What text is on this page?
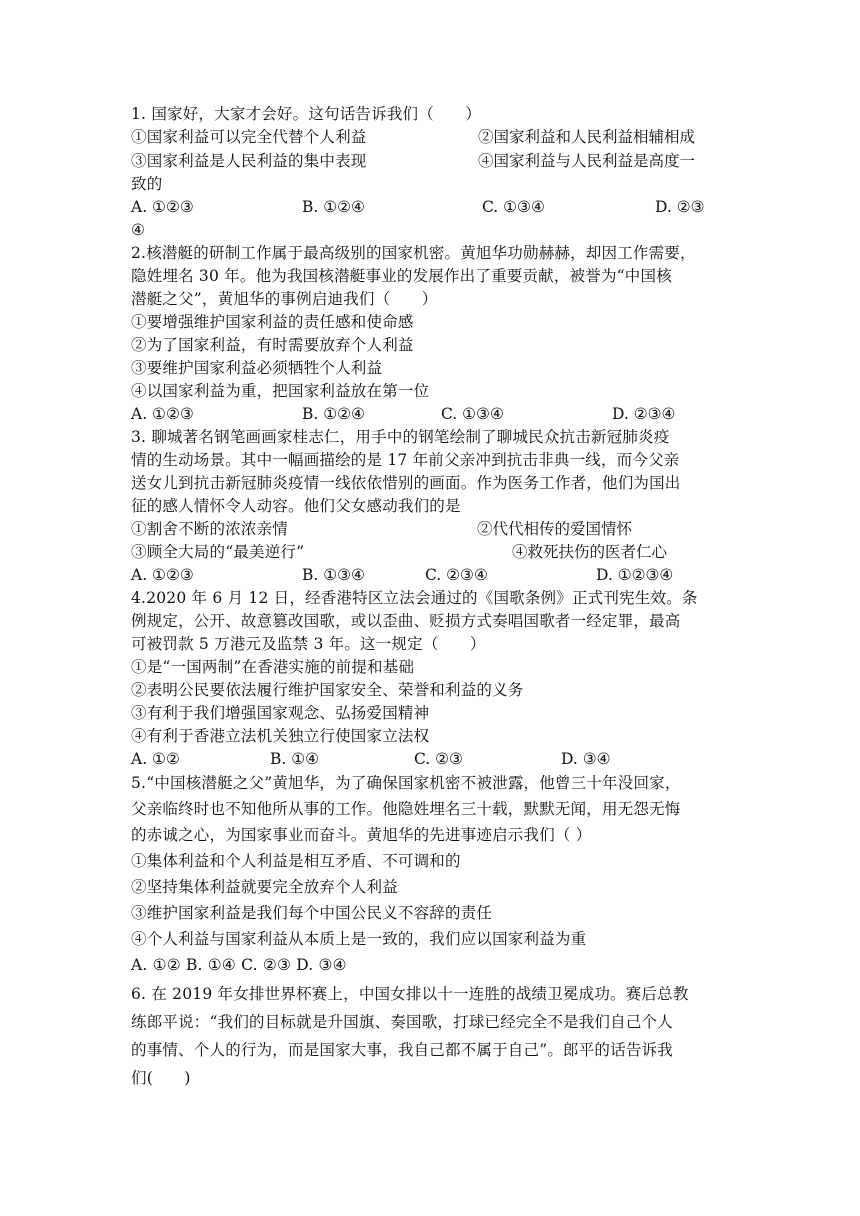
1. 国家好，大家才会好。这句话告诉我们（　　）
①国家利益可以完全代替个人利益	②国家利益和人民利益相辅相成
③国家利益是人民利益的集中表现	④国家利益与人民利益是高度一
致的
A. ①②③	B. ①②④	C. ①③④	D. ②③
④
2.核潜艇的研制工作属于最高级别的国家机密。黄旭华功勋赫赫，却因工作需要，
隐姓埋名 30 年。他为我国核潜艇事业的发展作出了重要贡献，被誉为“中国核
潜艇之父”，黄旭华的事例启迪我们（　　）
①要增强维护国家利益的责任感和使命感
②为了国家利益，有时需要放弃个人利益
③要维护国家利益必须牺牲个人利益
④以国家利益为重，把国家利益放在第一位
A. ①②③	B. ①②④	C. ①③④	D. ②③④
3. 聊城著名钢笔画画家桂志仁，用手中的钢笔绘制了聊城民众抗击新冠肺炎疫
情的生动场景。其中一幅画描绘的是 17 年前父亲冲到抗击非典一线，而今父亲
送女儿到抗击新冠肺炎疫情一线依依惜别的画面。作为医务工作者，他们为国出
征的感人情怀令人动容。他们父女感动我们的是
①割舍不断的浓浓亲情	②代代相传的爱国情怀
③顾全大局的“最美逆行”	④救死扶伤的医者仁心
A. ①②③	B. ①③④	C. ②③④	D. ①②③④
4.2020 年 6 月 12 日，经香港特区立法会通过的《国歌条例》正式刊宪生效。条
例规定，公开、故意篡改国歌，或以歪曲、贬损方式奏唱国歌者一经定罪，最高
可被罚款 5 万港元及监禁 3 年。这一规定（　　）
①是“一国两制”在香港实施的前提和基础
②表明公民要依法履行维护国家安全、荣誉和利益的义务
③有利于我们增强国家观念、弘扬爱国精神
④有利于香港立法机关独立行使国家立法权
A. ①②	B. ①④	C. ②③	D. ③④
5.“中国核潜艇之父”黄旭华，为了确保国家机密不被泄露，他曾三十年没回家，
父亲临终时也不知他所从事的工作。他隐姓埋名三十载，默默无闻，用无怨无悔
的赤诚之心，为国家事业而奋斗。黄旭华的先进事迹启示我们（ ）
①集体利益和个人利益是相互矛盾、不可调和的
②坚持集体利益就要完全放弃个人利益
③维护国家利益是我们每个中国公民义不容辞的责任
④个人利益与国家利益从本质上是一致的，我们应以国家利益为重
A. ①② B. ①④ C. ②③ D. ③④
6. 在 2019 年女排世界杯赛上，中国女排以十一连胜的战绩卫冕成功。赛后总教
练郎平说：“我们的目标就是升国旗、奏国歌，打球已经完全不是我们自己个人
的事情、个人的行为，而是国家大事，我自己都不属于自己”。郎平的话告诉我
们(　　)
